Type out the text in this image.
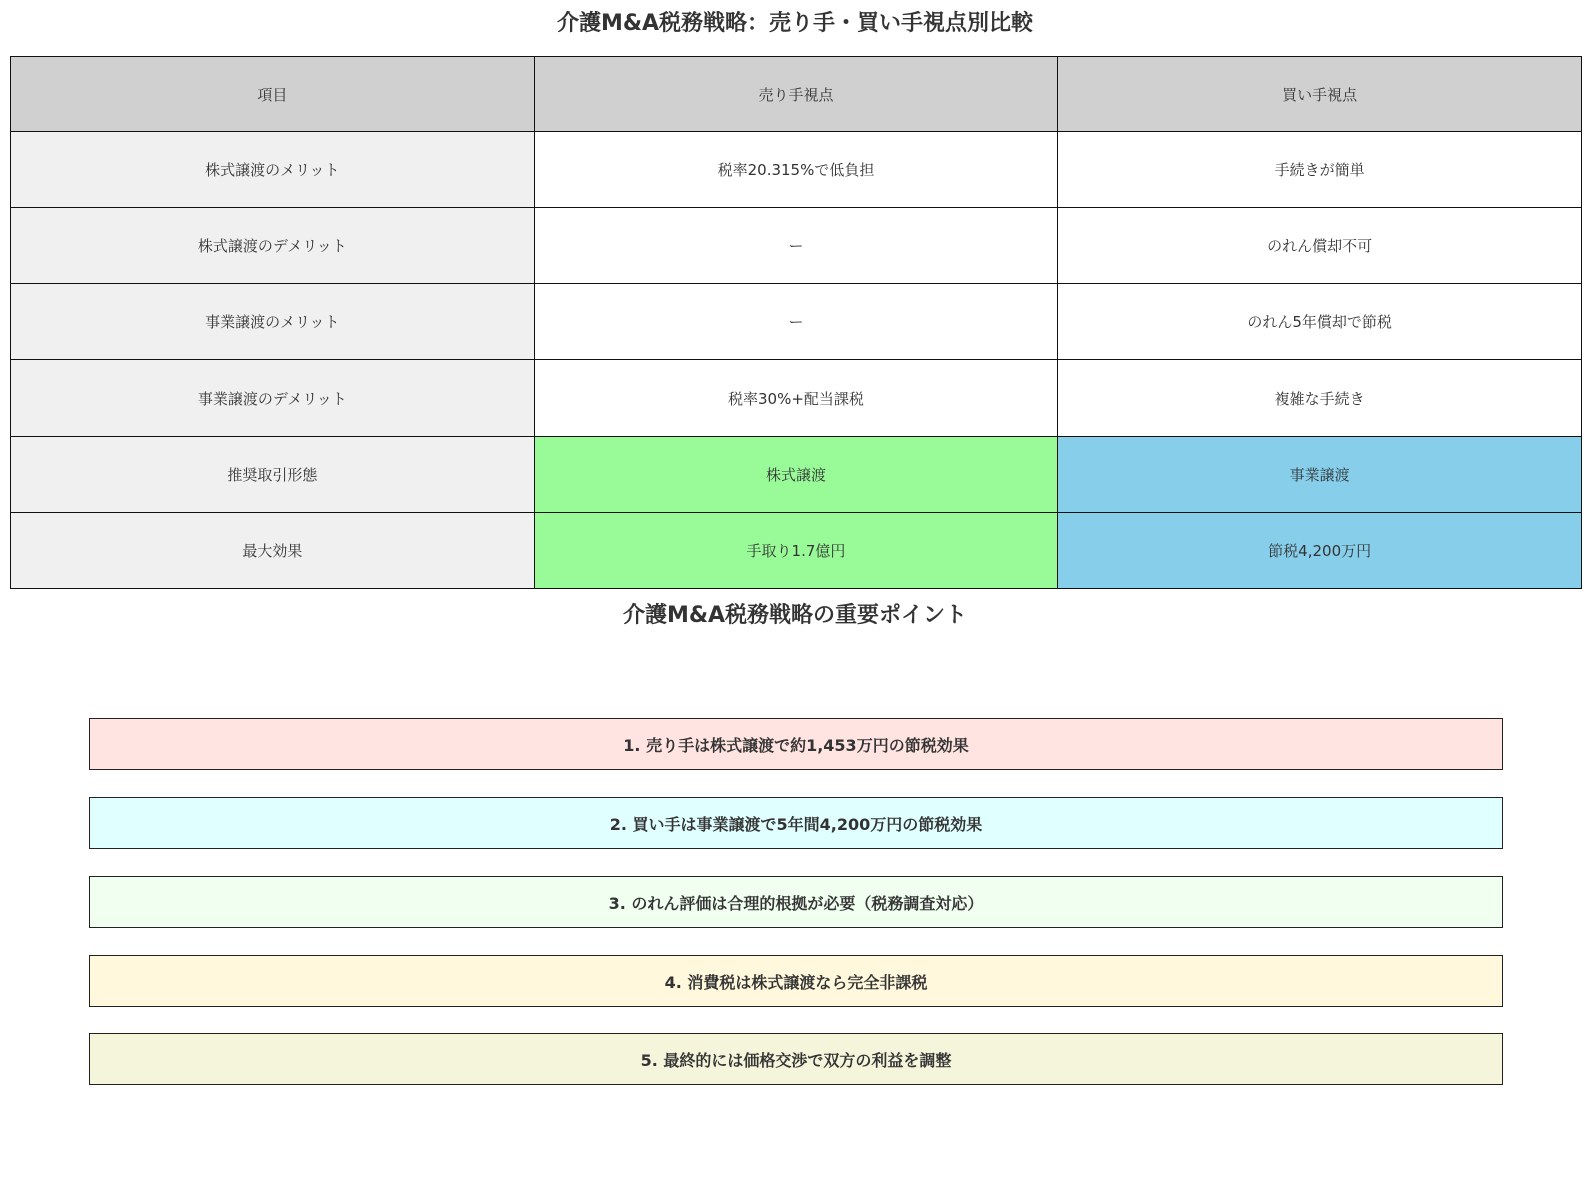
介護M&A税務戦略：売り手・買い手視点別比較
項目	売り手視点	買い手視点
株式譲渡のメリット	税率20.315%で低負担	手続きが簡単
株式譲渡のデメリット	ー	のれん償却不可
事業譲渡のメリット	ー	のれん5年償却で節税
事業譲渡のデメリット	税率30%+配当課税	複雑な手続き
推奨取引形態	株式譲渡	事業譲渡
最大効果	手取り1.7億円	節税4,200万円
介護M&A税務戦略の重要ポイント
1. 売り手は株式譲渡で約1,453万円の節税効果
2. 買い手は事業譲渡で5年間4,200万円の節税効果
3. のれん評価は合理的根拠が必要（税務調査対応）
4. 消費税は株式譲渡なら完全非課税
5. 最終的には価格交渉で双方の利益を調整
